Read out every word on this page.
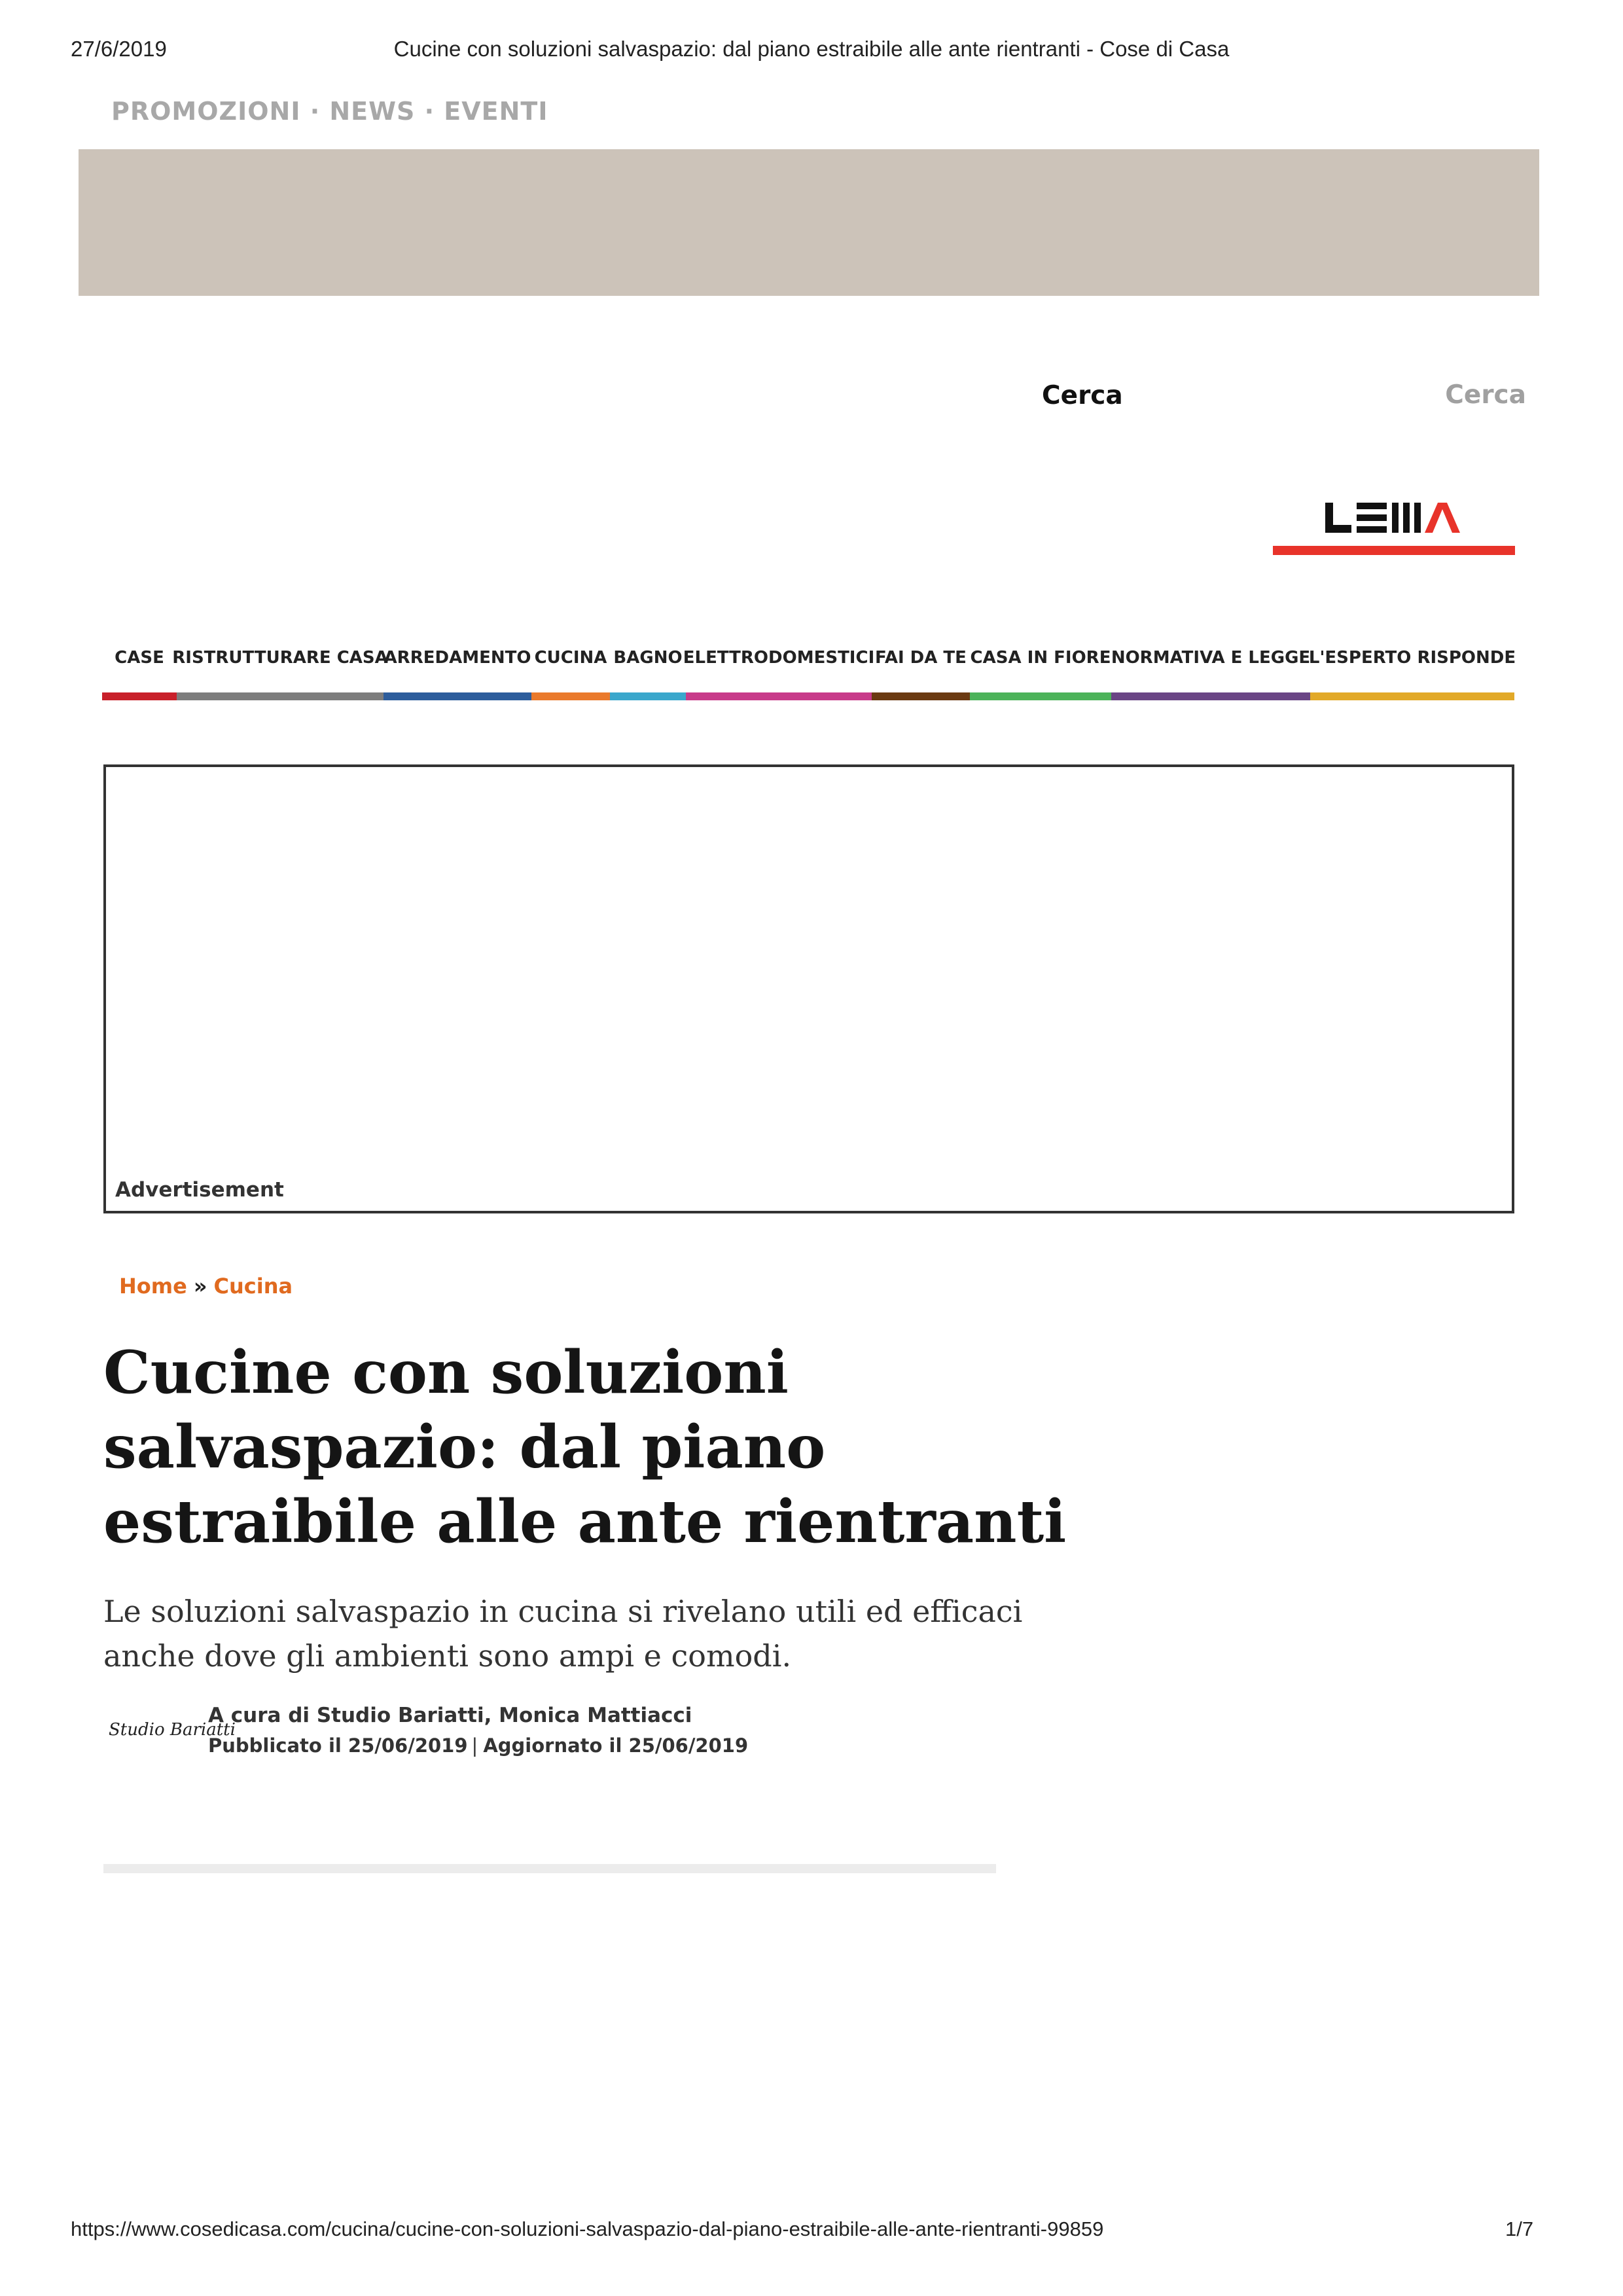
27/6/2019	Cucine con soluzioni salvaspazio: dal piano estraibile alle ante rientranti - Cose di Casa
PROMOZIONI · NEWS · EVENTI
Cerca
Cerca
CASE RISTRUTTURARE CASA
ARREDAMENTO CUCINA BAGNO ELETTRODOMESTICI FAI DA TE CASA IN FIORE NORMATIVA E LEGGE
L'ESPERTO RISPONDE
Advertisement
Home » Cucina
Cucine con soluzioni
salvaspazio: dal piano
estraibile alle ante rientranti

Le soluzioni salvaspazio in cucina si rivelano utili ed efficaci
anche dove gli ambienti sono ampi e comodi.

Studio Bariatti
A cura di Studio Bariatti, Monica Mattiacci
Pubblicato il 25/06/2019 | Aggiornato il 25/06/2019
https://www.cosedicasa.com/cucina/cucine-con-soluzioni-salvaspazio-dal-piano-estraibile-alle-ante-rientranti-99859	1/7
